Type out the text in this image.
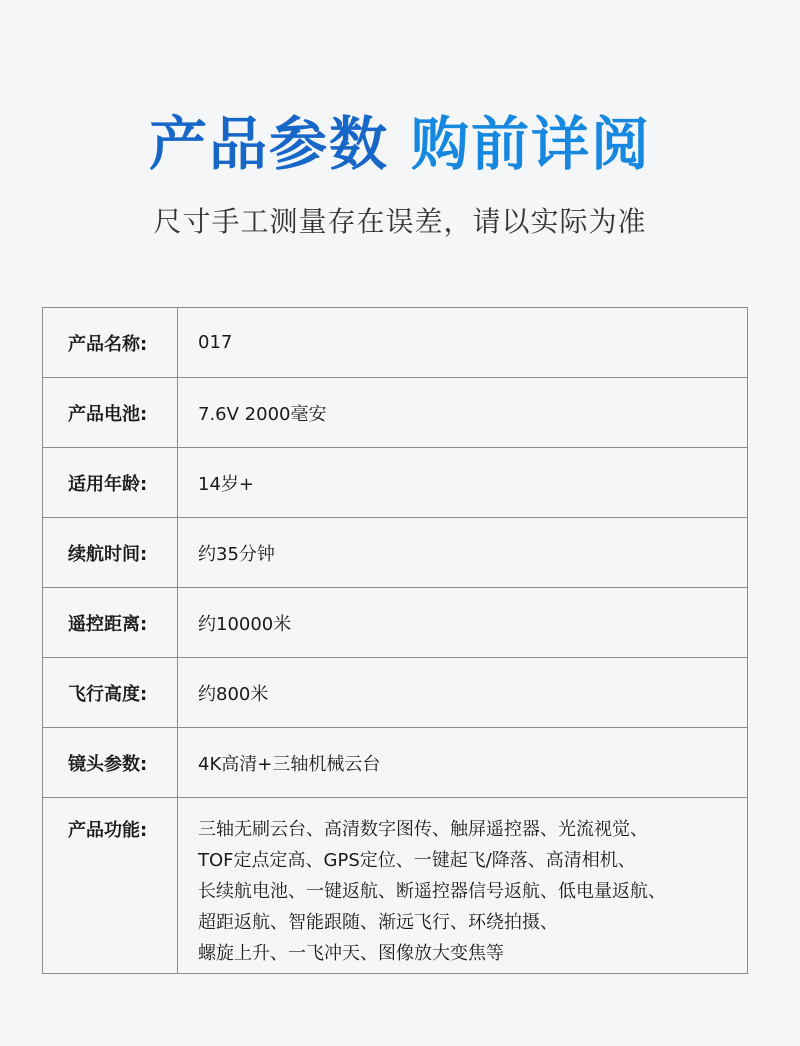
产品参数 购前详阅

尺寸手工测量存在误差，请以实际为准

产品名称:	017
产品电池:	7.6V 2000毫安
适用年龄:	14岁+
续航时间:	约35分钟
遥控距离:	约10000米
飞行高度:	约800米
镜头参数:	4K高清+三轴机械云台
产品功能:	三轴无刷云台、高清数字图传、触屏遥控器、光流视觉、
TOF定点定高、GPS定位、一键起飞/降落、高清相机、
长续航电池、一键返航、断遥控器信号返航、低电量返航、
超距返航、智能跟随、渐远飞行、环绕拍摄、
螺旋上升、一飞冲天、图像放大变焦等
